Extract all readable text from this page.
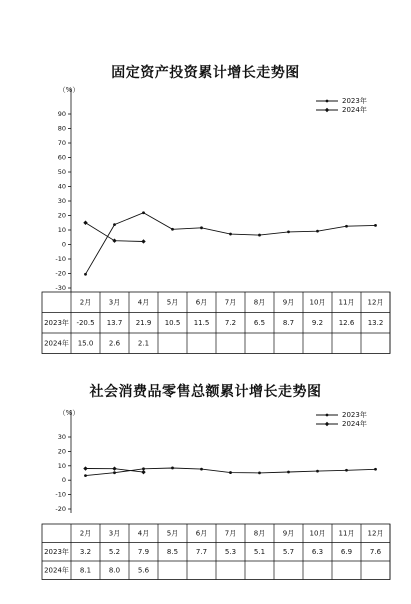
固定资产投资累计增长走势图
（%）
90
80
70
60
50
40
30
20
10
0
-10
-20
-30
2023年
2024年
2月	3月	4月	5月	6月	7月	8月	9月 10月 11月 12月
2023年 -20.5 13.7 21.9 10.5 11.5 7.2	6.5	8.7	9.2 12.6 13.2
2024年 15.0 2.6	2.1
社会消费品零售总额累计增长走势图
（%）
30
20
10
0
-10
-20
2023年
2024年
2月	3月	4月	5月	6月	7月	8月	9月 10月 11月 12月
2023年 3.2	5.2	7.9	8.5	7.7	5.3	5.1	5.7	6.3	6.9	7.6
2024年 8.1	8.0	5.6
